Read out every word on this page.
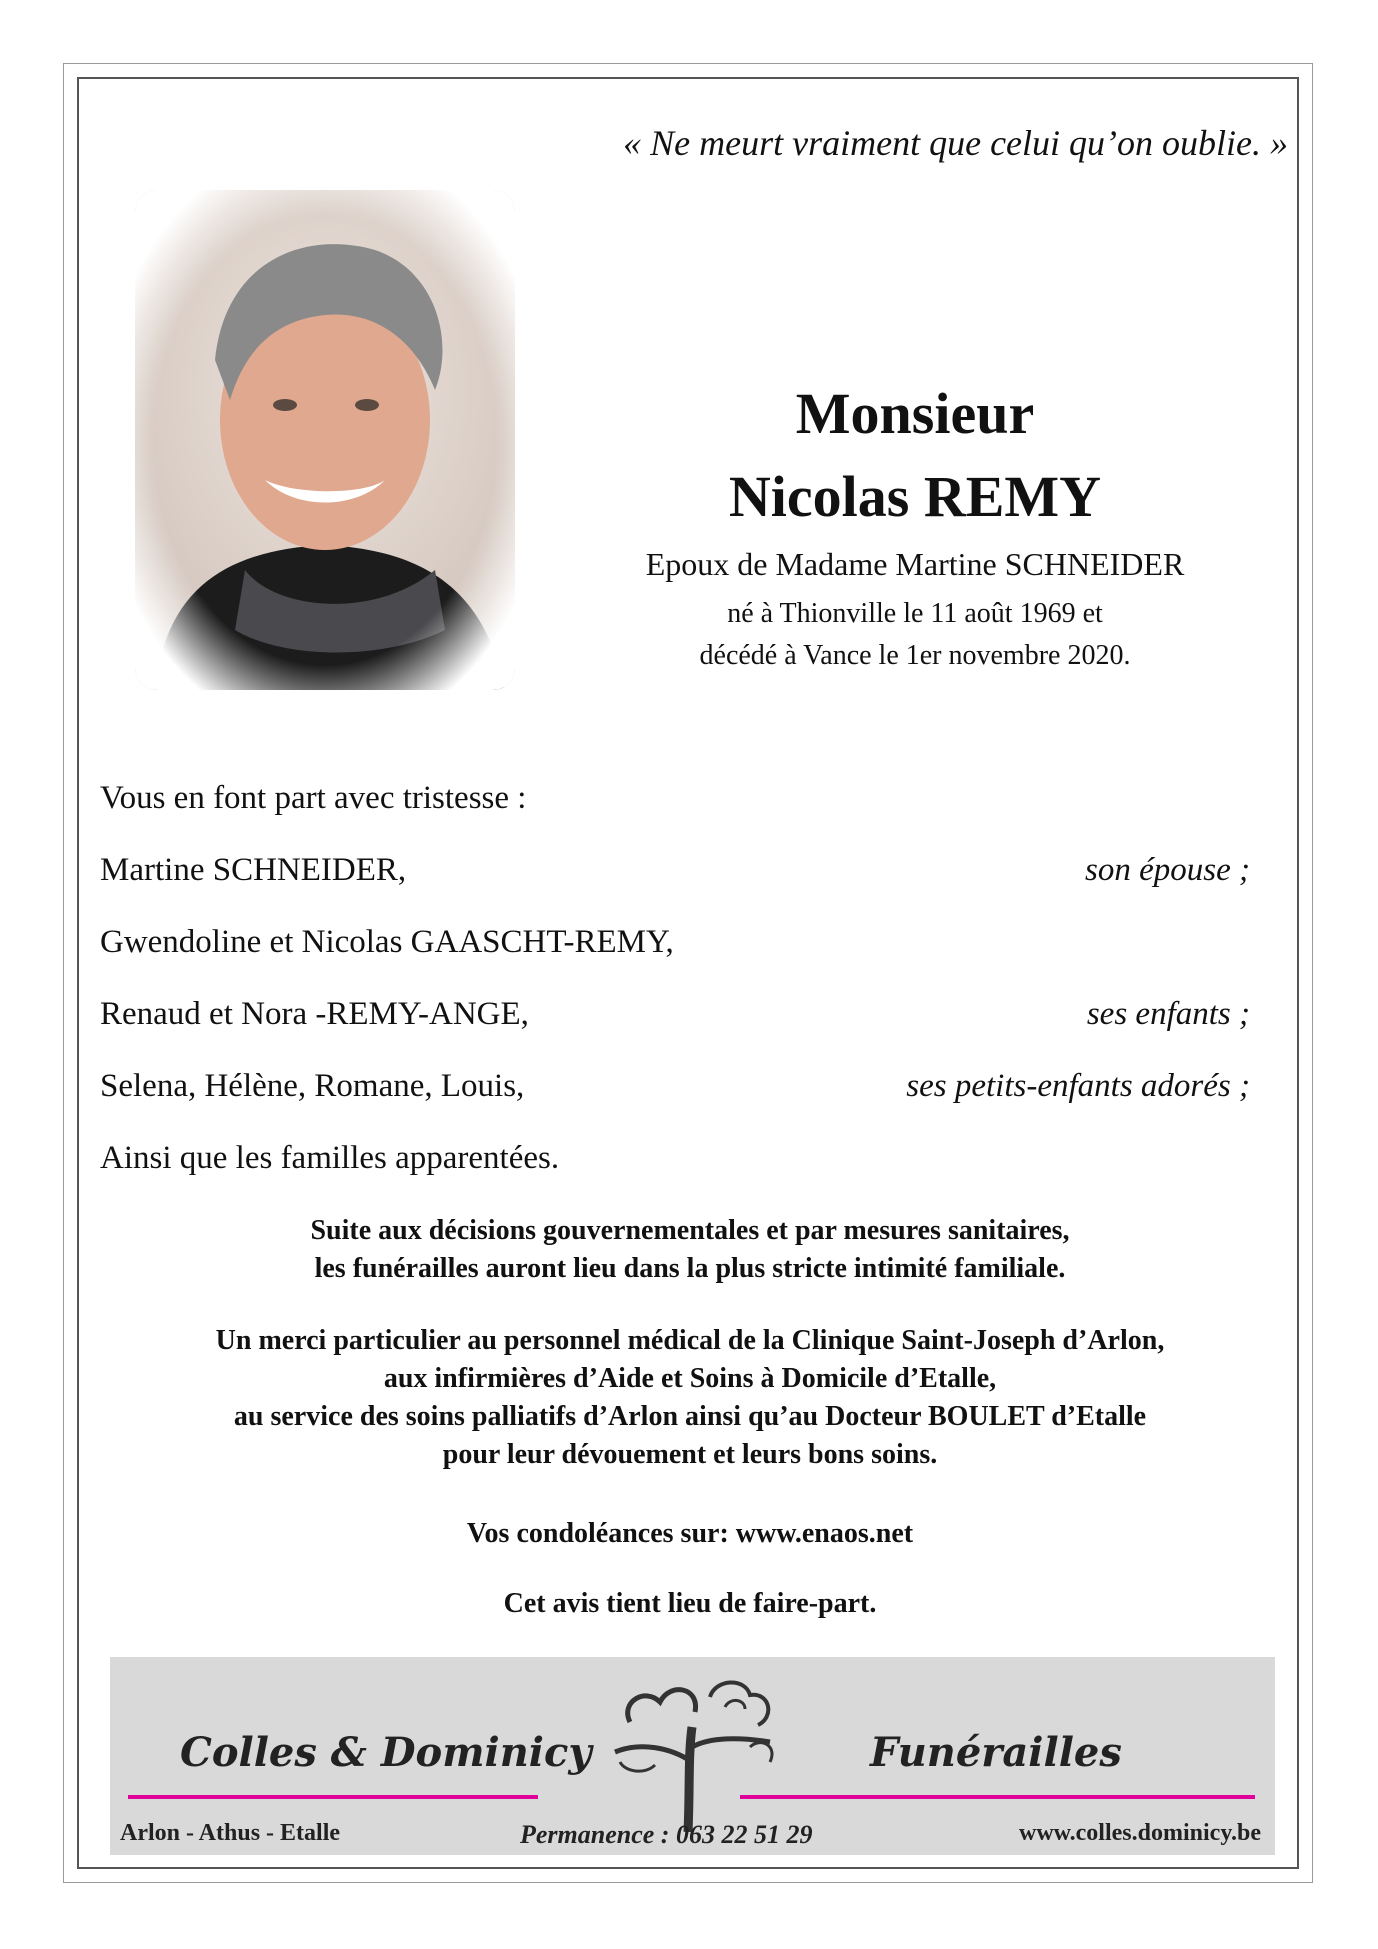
« Ne meurt vraiment que celui qu’on oublie. »
Monsieur
Nicolas REMY
Epoux de Madame Martine SCHNEIDER
né à Thionville le 11 août 1969 et
décédé à Vance le 1er novembre 2020.
Vous en font part avec tristesse :
Martine SCHNEIDER,	son épouse ;
Gwendoline et Nicolas GAASCHT-REMY,
Renaud et Nora -REMY-ANGE,	ses enfants ;
Selena, Hélène, Romane, Louis,	ses petits-enfants adorés ;
Ainsi que les familles apparentées.
Suite aux décisions gouvernementales et par mesures sanitaires,
les funérailles auront lieu dans la plus stricte intimité familiale.
Un merci particulier au personnel médical de la Clinique Saint-Joseph d’Arlon,
aux infirmières d’Aide et Soins à Domicile d’Etalle,
au service des soins palliatifs d’Arlon ainsi qu’au Docteur BOULET d’Etalle
pour leur dévouement et leurs bons soins.
Vos condoléances sur: www.enaos.net
Cet avis tient lieu de faire-part.
Colles & Dominicy	Funérailles
Arlon - Athus - Etalle	Permanence : 063 22 51 29	www.colles.dominicy.be
